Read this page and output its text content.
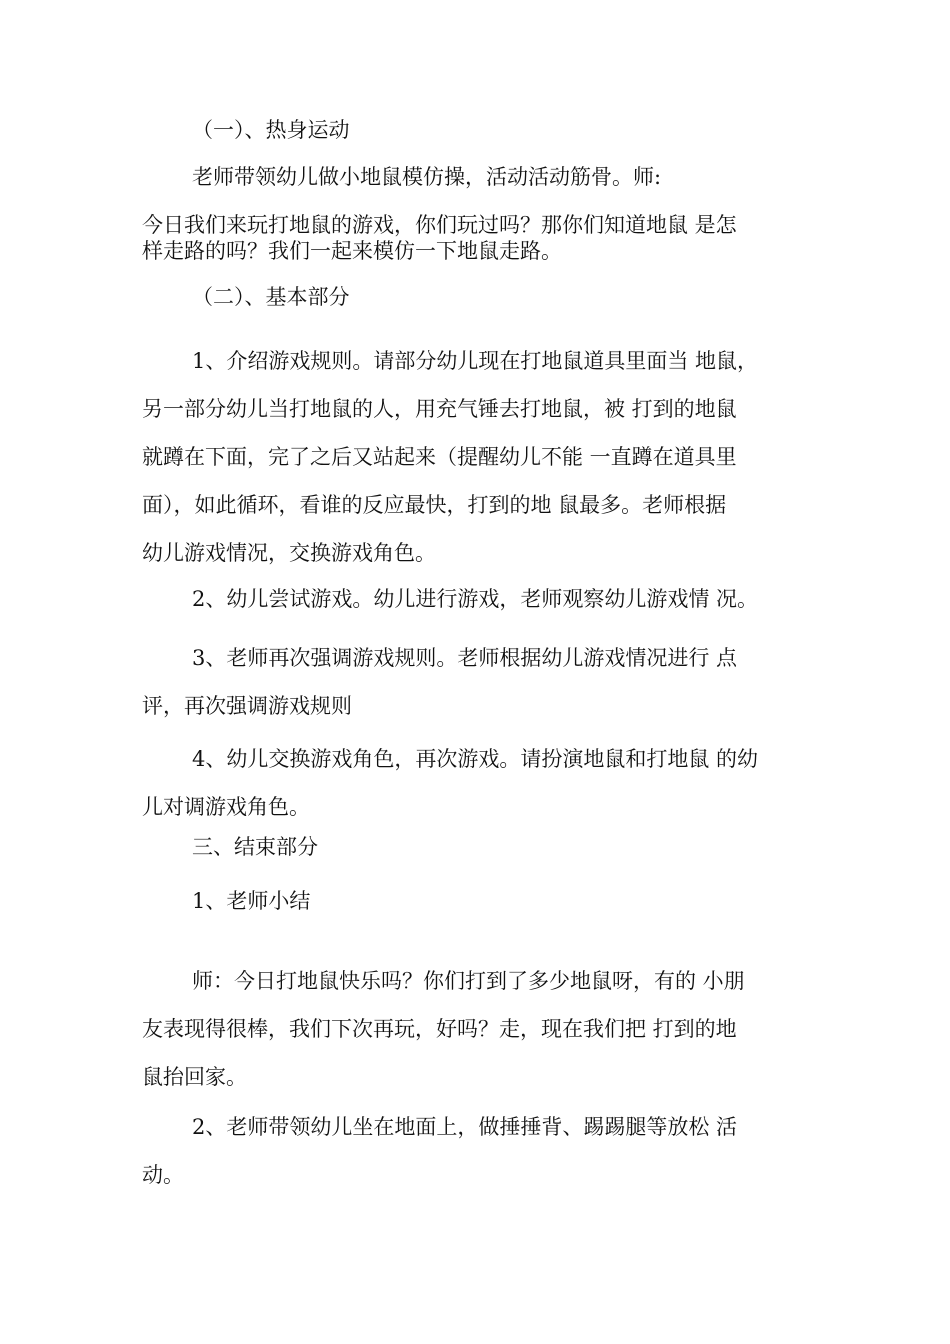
（一）、热身运动

老师带领幼儿做小地鼠模仿操，活动活动筋骨。师:

今日我们来玩打地鼠的游戏，你们玩过吗？那你们知道地鼠 是怎
样走路的吗？我们一起来模仿一下地鼠走路。

（二）、基本部分

1、介绍游戏规则。请部分幼儿现在打地鼠道具里面当 地鼠，
另一部分幼儿当打地鼠的人，用充气锤去打地鼠，被 打到的地鼠
就蹲在下面，完了之后又站起来（提醒幼儿不能 一直蹲在道具里
面），如此循环，看谁的反应最快，打到的地 鼠最多。老师根据
幼儿游戏情况，交换游戏角色。

2、幼儿尝试游戏。幼儿进行游戏，老师观察幼儿游戏情 况。

3、老师再次强调游戏规则。老师根据幼儿游戏情况进行 点
评，再次强调游戏规则
4、幼儿交换游戏角色，再次游戏。请扮演地鼠和打地鼠 的幼
儿对调游戏角色。

三、结束部分

1、老师小结

师：今日打地鼠快乐吗？你们打到了多少地鼠呀，有的 小朋
友表现得很棒，我们下次再玩，好吗？走，现在我们把 打到的地
鼠抬回家。
2、老师带领幼儿坐在地面上，做捶捶背、踢踢腿等放松 活
动。
